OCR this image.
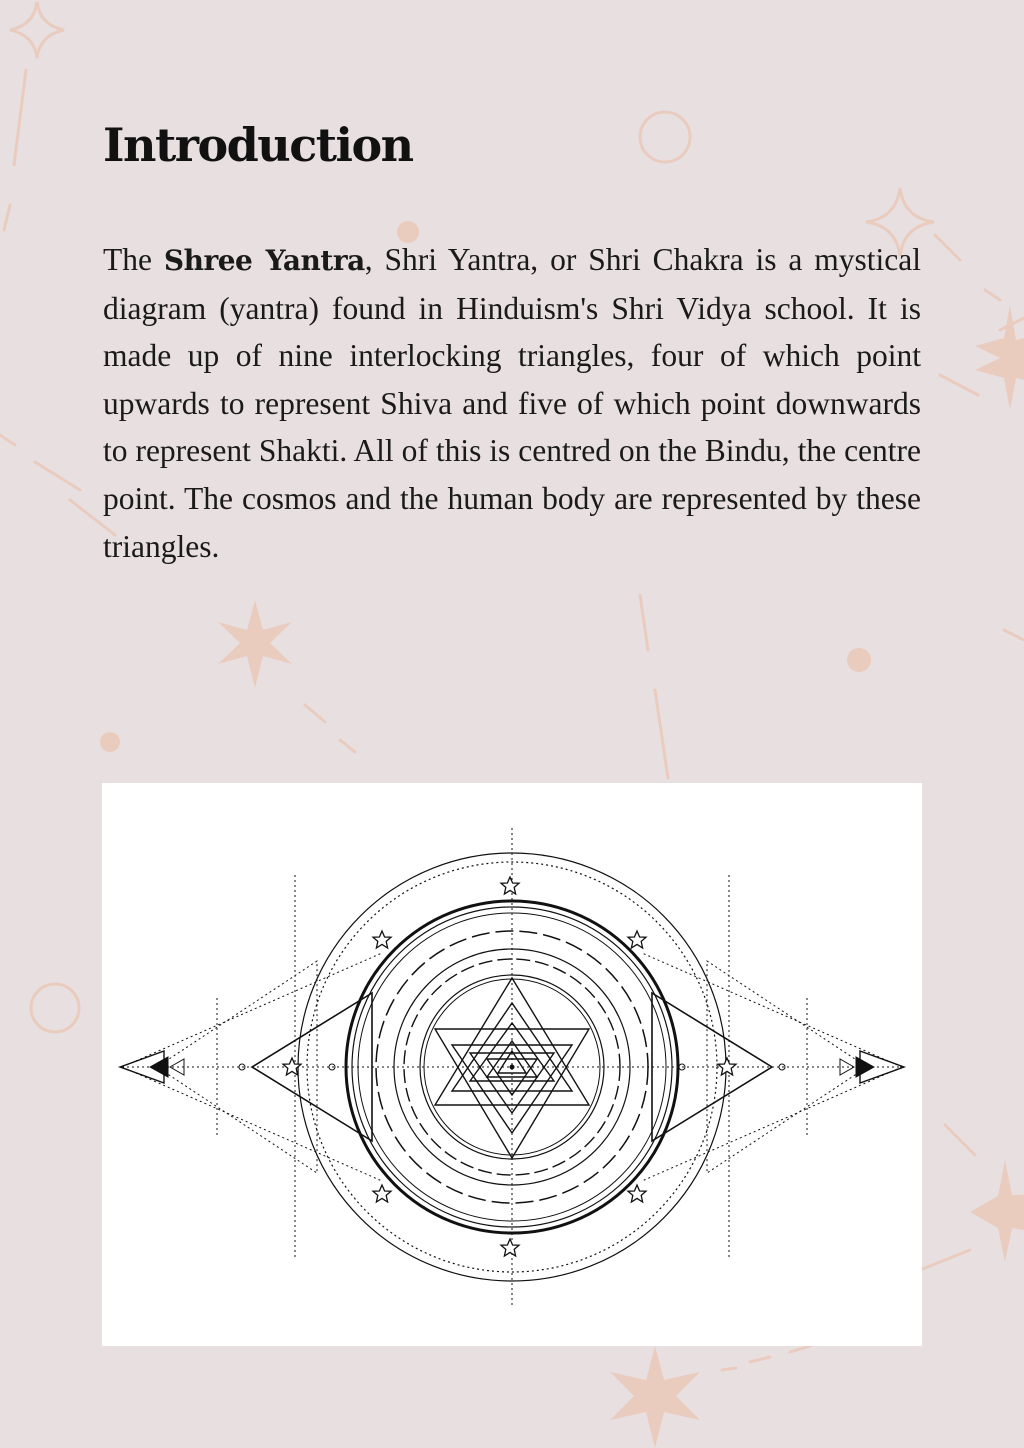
Introduction

The Shree Yantra, Shri Yantra, or Shri Chakra is a mystical diagram (yantra) found in Hinduism's Shri Vidya school. It is made up of nine interlocking triangles, four of which point upwards to represent Shiva and five of which point downwards to represent Shakti. All of this is centred on the Bindu, the centre point. The cosmos and the human body are represented by these triangles.
